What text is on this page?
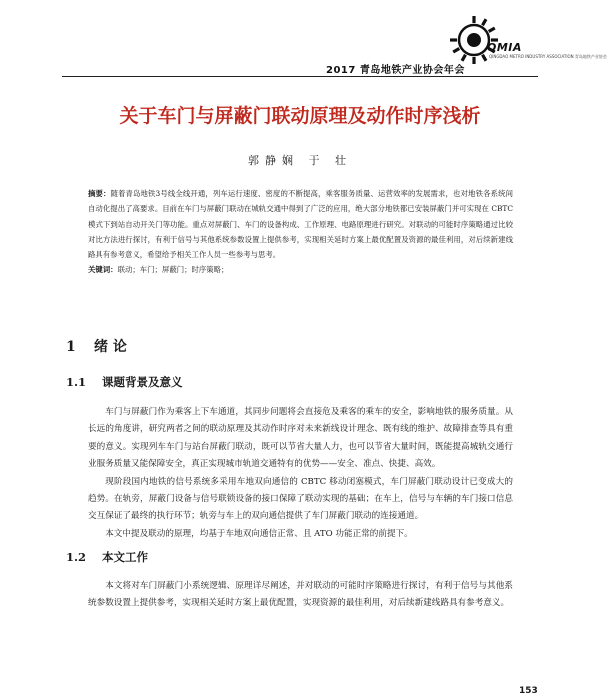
2017 青岛地铁产业协会年会
QMIA
QINGDAO METRO INDUSTRY ASSOCIATION 青岛地铁产业协会
关于车门与屏蔽门联动原理及动作时序浅析
郭静娴 于 壮
摘要：随着青岛地铁3号线全线开通，列车运行速度、密度的不断提高，乘客服务质量、运营效率的发展需求，也对地铁各系统间自动化提出了高要求。目前在车门与屏蔽门联动在城轨交通中得到了广泛的应用，绝大部分地铁都已安装屏蔽门并可实现在 CBTC 模式下到站自动开关门等功能。重点对屏蔽门、车门的设备构成、工作原理、电路原理进行研究。对联动的可能时序策略通过比较对比方法进行探讨，有利于信号与其他系统参数设置上提供参考，实现相关延时方案上最优配置及资源的最佳利用，对后续新建线路具有参考意义，希望给予相关工作人员一些参考与思考。
关键词：联动；车门；屏蔽门；时序策略；
1 绪 论
1.1 课题背景及意义

车门与屏蔽门作为乘客上下车通道，其同步问题将会直接危及乘客的乘车的安全，影响地铁的服务质量。从长远的角度讲，研究两者之间的联动原理及其动作时序对未来新线设计理念、既有线的维护、故障排查等具有重要的意义。实现列车车门与站台屏蔽门联动，既可以节省大量人力，也可以节省大量时间，既能提高城轨交通行业服务质量又能保障安全，真正实现城市轨道交通特有的优势——安全、准点、快捷、高效。

现阶段国内地铁的信号系统多采用车地双向通信的 CBTC 移动闭塞模式，车门屏蔽门联动设计已变成大的趋势。在轨旁，屏蔽门设备与信号联锁设备的接口保障了联动实现的基础；在车上，信号与车辆的车门接口信息交互保证了最终的执行环节；轨旁与车上的双向通信提供了车门屏蔽门联动的连接通道。

本文中提及联动的原理，均基于车地双向通信正常、且 ATO 功能正常的前提下。

1.2 本文工作

本文将对车门屏蔽门小系统逻辑、原理详尽阐述，并对联动的可能时序策略进行探讨，有利于信号与其他系统参数设置上提供参考，实现相关延时方案上最优配置，实现资源的最佳利用，对后续新建线路具有参考意义。

153
